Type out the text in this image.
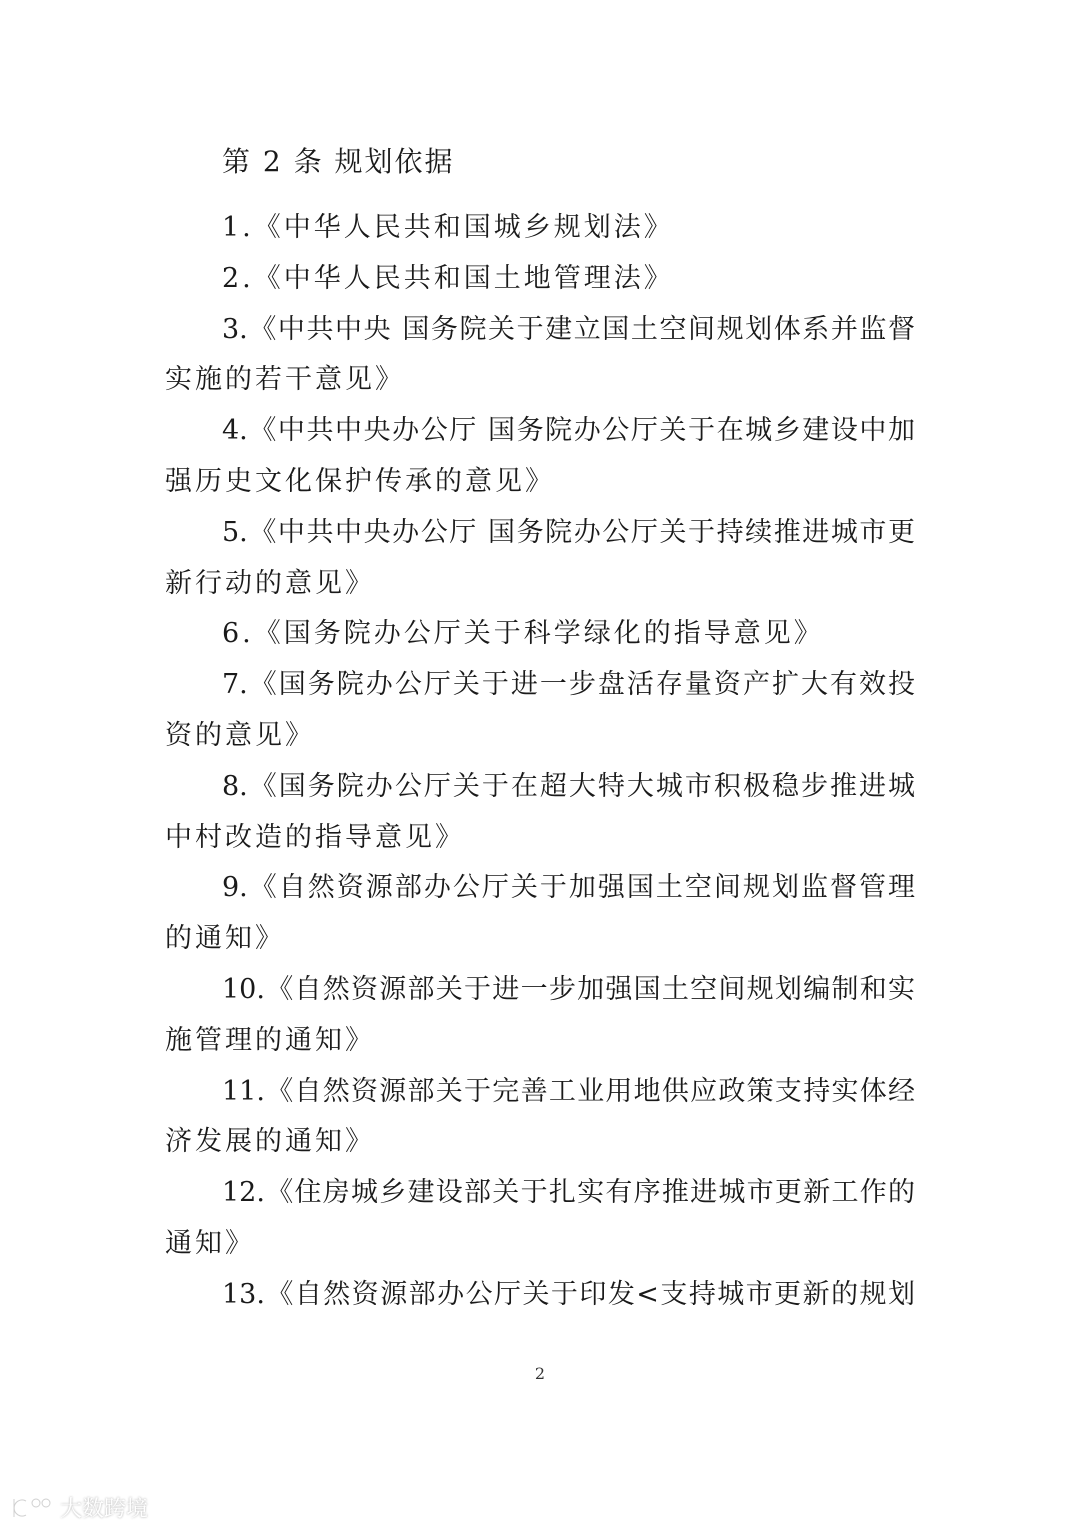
第 2 条 规划依据
1.《中华人民共和国城乡规划法》
2.《中华人民共和国土地管理法》
3.《中共中央 国务院关于建立国土空间规划体系并监督
实施的若干意见》
4.《中共中央办公厅 国务院办公厅关于在城乡建设中加
强历史文化保护传承的意见》
5.《中共中央办公厅 国务院办公厅关于持续推进城市更
新行动的意见》
6.《国务院办公厅关于科学绿化的指导意见》
7.《国务院办公厅关于进一步盘活存量资产扩大有效投
资的意见》
8.《国务院办公厅关于在超大特大城市积极稳步推进城
中村改造的指导意见》
9.《自然资源部办公厅关于加强国土空间规划监督管理
的通知》
10.《自然资源部关于进一步加强国土空间规划编制和实
施管理的通知》
11.《自然资源部关于完善工业用地供应政策支持实体经
济发展的通知》
12.《住房城乡建设部关于扎实有序推进城市更新工作的
通知》
13.《自然资源部办公厅关于印发<支持城市更新的规划
2
大数跨境
